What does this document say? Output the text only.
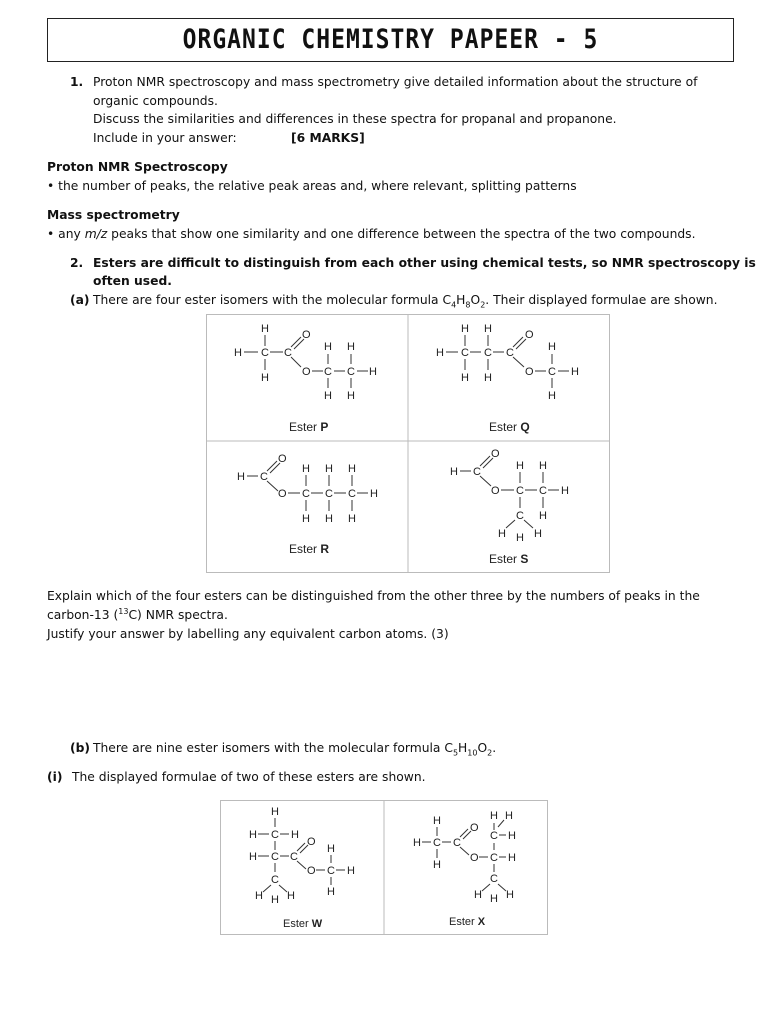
ORGANIC CHEMISTRY PAPEER - 5
1. Proton NMR spectroscopy and mass spectrometry give detailed information about the structure of
organic compounds.
Discuss the similarities and differences in these spectra for propanal and propanone.
Include in your answer:	[6 MARKS]
Proton NMR Spectroscopy
• the number of peaks, the relative peak areas and, where relevant, splitting patterns
Mass spectrometry
• any m/z peaks that show one similarity and one difference between the spectra of the two compounds.
2. Esters are difficult to distinguish from each other using chemical tests, so NMR spectroscopy is
often used.
(a) There are four ester isomers with the molecular formula $C_4H_8O_2$. Their displayed formulae are shown.
H
H C
H
C
O
O C C H
H H
H H
Ester P
H H
H C C
H H
C
O
O C H
H
H
Ester Q
H C
O
O C C C H
H H H
H H H
Ester R
H C
O
O C C H
H H
C H
H H H
Ester S
Explain which of the four esters can be distinguished from the other three by the numbers of peaks in the
carbon-13 ($^{13}$C) NMR spectra.
Justify your answer by labelling any equivalent carbon atoms. (3)
(b) There are nine ester isomers with the molecular formula $C_5H_{10}O_2$.
(i) The displayed formulae of two of these esters are shown.
H
H C H
H C C
O
O C H
H
H
C
H H H
Ester W
H
H C
H
C
O
O C H
C H
H H
C
H H H
Ester X
